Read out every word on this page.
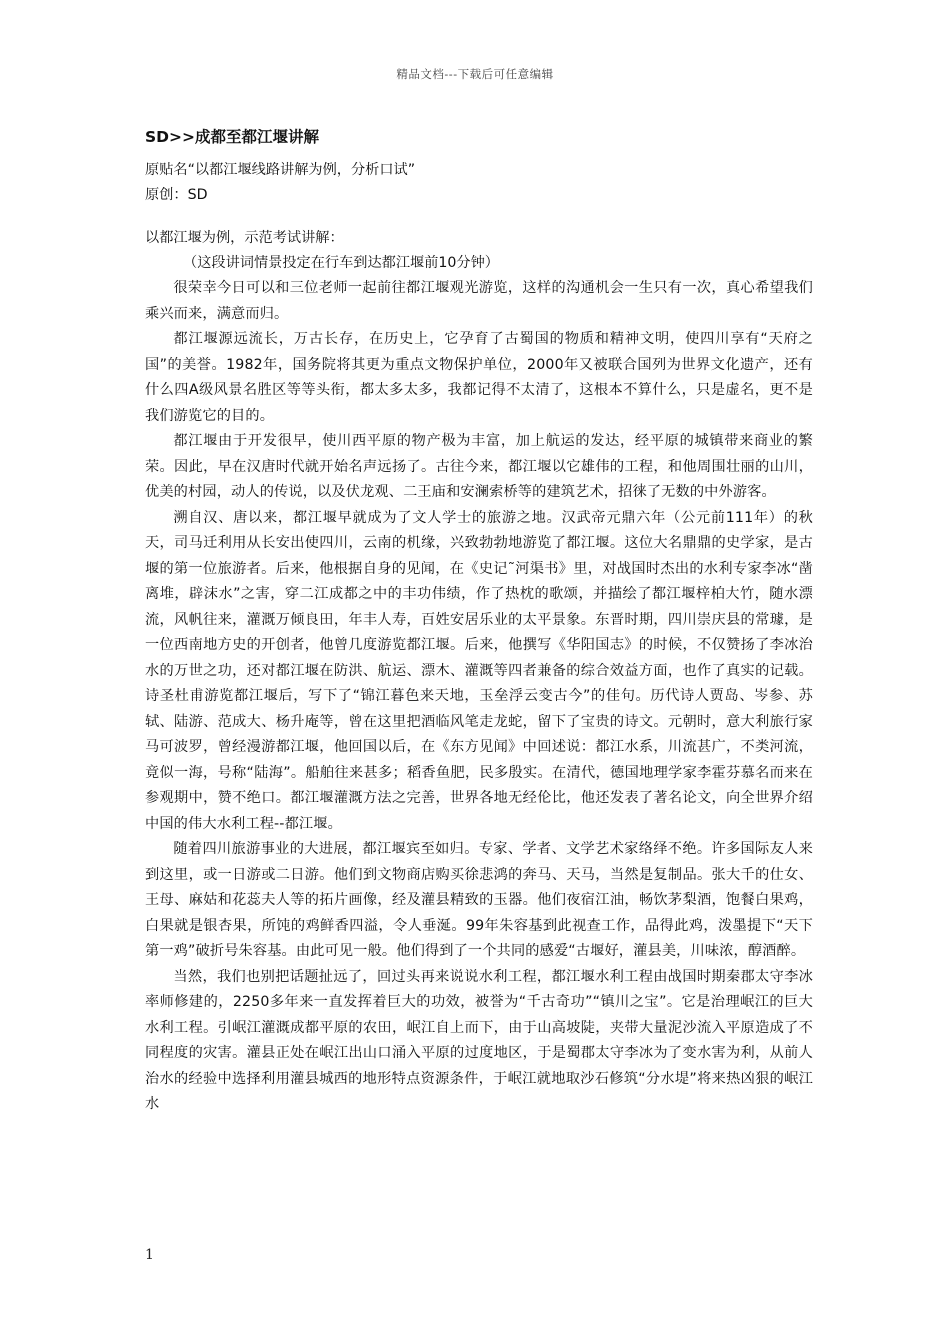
精品文档---下载后可任意编辑
SD>>成都至都江堰讲解

原贴名“以都江堰线路讲解为例，分析口试”

原创：SD

以都江堰为例，示范考试讲解：

（这段讲词情景投定在行车到达都江堰前10分钟）

很荣幸今日可以和三位老师一起前往都江堰观光游览，这样的沟通机会一生只有一次，真心希望我们乘兴而来，满意而归。

都江堰源远流长，万古长存，在历史上，它孕育了古蜀国的物质和精神文明，使四川享有“天府之国”的美誉。1982年，国务院将其更为重点文物保护单位，2000年又被联合国列为世界文化遗产，还有什么四A级风景名胜区等等头衔，都太多太多，我都记得不太清了，这根本不算什么，只是虚名，更不是我们游览它的目的。

都江堰由于开发很早，使川西平原的物产极为丰富，加上航运的发达，经平原的城镇带来商业的繁荣。因此，早在汉唐时代就开始名声远扬了。古往今来，都江堰以它雄伟的工程，和他周围壮丽的山川，优美的村园，动人的传说，以及伏龙观、二王庙和安澜索桥等的建筑艺术，招徕了无数的中外游客。

溯自汉、唐以来，都江堰早就成为了文人学士的旅游之地。汉武帝元鼎六年（公元前111年）的秋天，司马迁利用从长安出使四川，云南的机缘，兴致勃勃地游览了都江堰。这位大名鼎鼎的史学家，是古堰的第一位旅游者。后来，他根据自身的见闻，在《史记˜河渠书》里，对战国时杰出的水利专家李冰“凿离堆，辟沫水”之害，穿二江成都之中的丰功伟绩，作了热枕的歌颂，并描绘了都江堰梓柏大竹，随水漂流，风帆往来，灌溉万倾良田，年丰人寿，百姓安居乐业的太平景象。东晋时期，四川崇庆县的常璩，是一位西南地方史的开创者，他曾几度游览都江堰。后来，他撰写《华阳国志》的时候，不仅赞扬了李冰治水的万世之功，还对都江堰在防洪、航运、漂木、灌溉等四者兼备的综合效益方面，也作了真实的记载。诗圣杜甫游览都江堰后，写下了“锦江暮色来天地，玉垒浮云变古今”的佳句。历代诗人贾岛、岑参、苏轼、陆游、范成大、杨升庵等，曾在这里把酒临风笔走龙蛇，留下了宝贵的诗文。元朝时，意大利旅行家马可波罗，曾经漫游都江堰，他回国以后，在《东方见闻》中回述说：都江水系，川流甚广，不类河流，竟似一海，号称“陆海”。船舶往来甚多；稻香鱼肥，民多殷实。在清代，德国地理学家李霍芬慕名而来在参观期中，赞不绝口。都江堰灌溉方法之完善，世界各地无经伦比，他还发表了著名论文，向全世界介绍中国的伟大水利工程--都江堰。

随着四川旅游事业的大进展，都江堰宾至如归。专家、学者、文学艺术家络绎不绝。许多国际友人来到这里，或一日游或二日游。他们到文物商店购买徐悲鸿的奔马、天马，当然是复制品。张大千的仕女、王母、麻姑和花蕊夫人等的拓片画像，经及灌县精致的玉器。他们夜宿江油，畅饮茅梨酒，饱餐白果鸡，白果就是银杏果，所饨的鸡鲜香四溢，令人垂涎。99年朱容基到此视查工作，品得此鸡，泼墨提下“天下第一鸡”破折号朱容基。由此可见一般。他们得到了一个共同的感爱“古堰好，灌县美，川味浓，醇酒醉。

当然，我们也别把话题扯远了，回过头再来说说水利工程，都江堰水利工程由战国时期秦郡太守李冰率师修建的，2250多年来一直发挥着巨大的功效，被誉为“千古奇功”“镇川之宝”。它是治理岷江的巨大水利工程。引岷江灌溉成都平原的农田，岷江自上而下，由于山高坡陡，夹带大量泥沙流入平原造成了不同程度的灾害。灌县正处在岷江出山口涌入平原的过度地区，于是蜀郡太守李冰为了变水害为利，从前人治水的经验中选择利用灌县城西的地形特点资源条件，于岷江就地取沙石修筑“分水堤”将来热凶狠的岷江水

1
